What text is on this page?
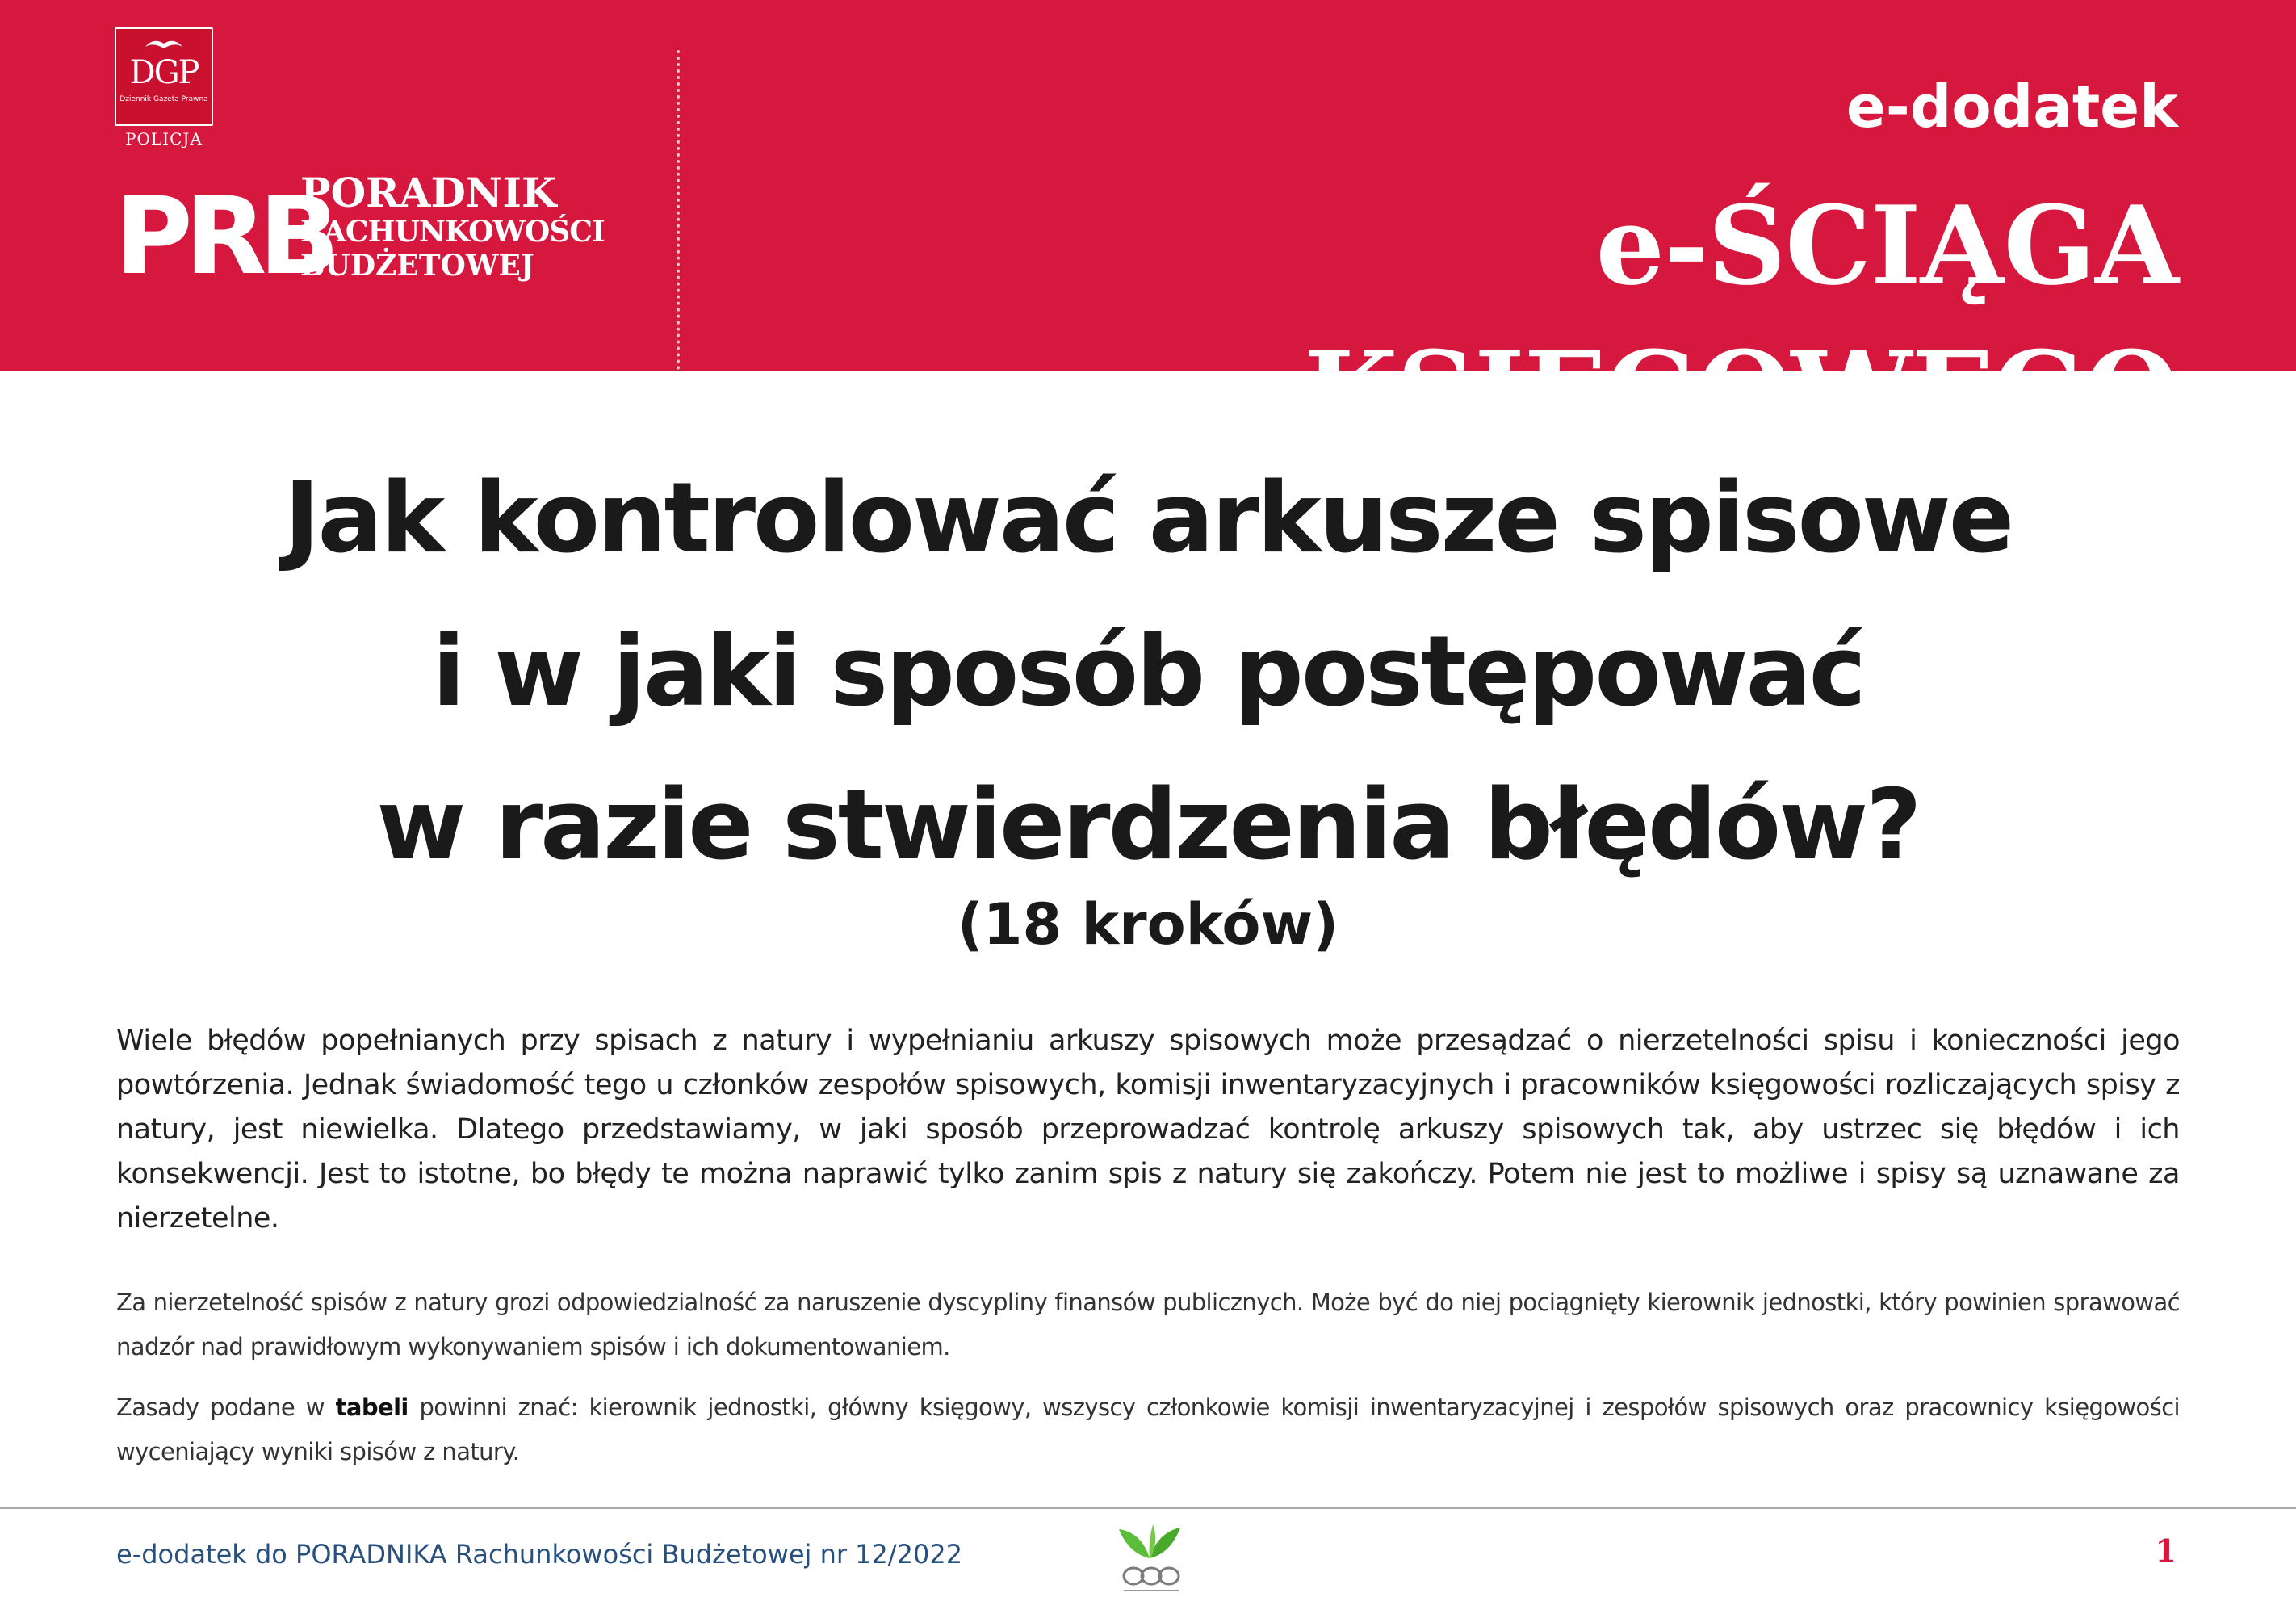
DGP
Dziennik Gazeta Prawna
POLICJA
PRB
PORADNIK
RACHUNKOWOŚCI
BUDŻETOWEJ
e-dodatek
e-ŚCIĄGA KSIĘGOWEGO
Jak kontrolować arkusze spisowe
i w jaki sposób postępować
w razie stwierdzenia błędów?
(18 kroków)
Wiele błędów popełnianych przy spisach z natury i wypełnianiu arkuszy spisowych może przesądzać o nierzetelności spisu i konieczności jego powtórzenia. Jednak świadomość tego u członków zespołów spisowych, komisji inwentaryzacyjnych i pracowników księgowości rozliczających spisy z natury, jest niewielka. Dlatego przedstawiamy, w jaki sposób przeprowadzać kontrolę arkuszy spisowych tak, aby ustrzec się błędów i ich konsekwencji. Jest to istotne, bo błędy te można naprawić tylko zanim spis z natury się zakończy. Potem nie jest to możliwe i spisy są uznawane za nierzetelne.
Za nierzetelność spisów z natury grozi odpowiedzialność za naruszenie dyscypliny finansów publicznych. Może być do niej pociągnięty kierownik jednostki, który powinien sprawować nadzór nad prawidłowym wykonywaniem spisów i ich dokumentowaniem.
Zasady podane w tabeli powinni znać: kierownik jednostki, główny księgowy, wszyscy członkowie komisji inwentaryzacyjnej i zespołów spisowych oraz pracownicy księgowości wyceniający wyniki spisów z natury.
e-dodatek do PORADNIKA Rachunkowości Budżetowej nr 12/2022	1
